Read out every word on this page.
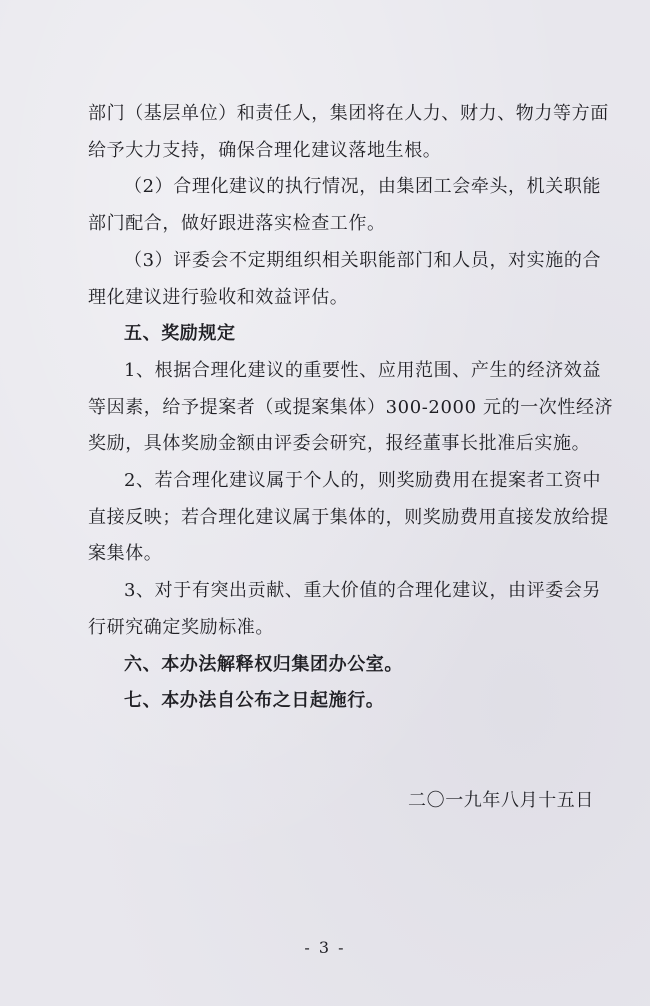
部门（基层单位）和责任人，集团将在人力、财力、物力等方面
给予大力支持，确保合理化建议落地生根。
（2）合理化建议的执行情况，由集团工会牵头，机关职能
部门配合，做好跟进落实检查工作。
（3）评委会不定期组织相关职能部门和人员，对实施的合
理化建议进行验收和效益评估。
五、奖励规定
1、根据合理化建议的重要性、应用范围、产生的经济效益
等因素，给予提案者（或提案集体）300-2000 元的一次性经济
奖励，具体奖励金额由评委会研究，报经董事长批准后实施。
2、若合理化建议属于个人的，则奖励费用在提案者工资中
直接反映；若合理化建议属于集体的，则奖励费用直接发放给提
案集体。
3、对于有突出贡献、重大价值的合理化建议，由评委会另
行研究确定奖励标准。
六、本办法解释权归集团办公室。
七、本办法自公布之日起施行。
二〇一九年八月十五日
- 3 -
